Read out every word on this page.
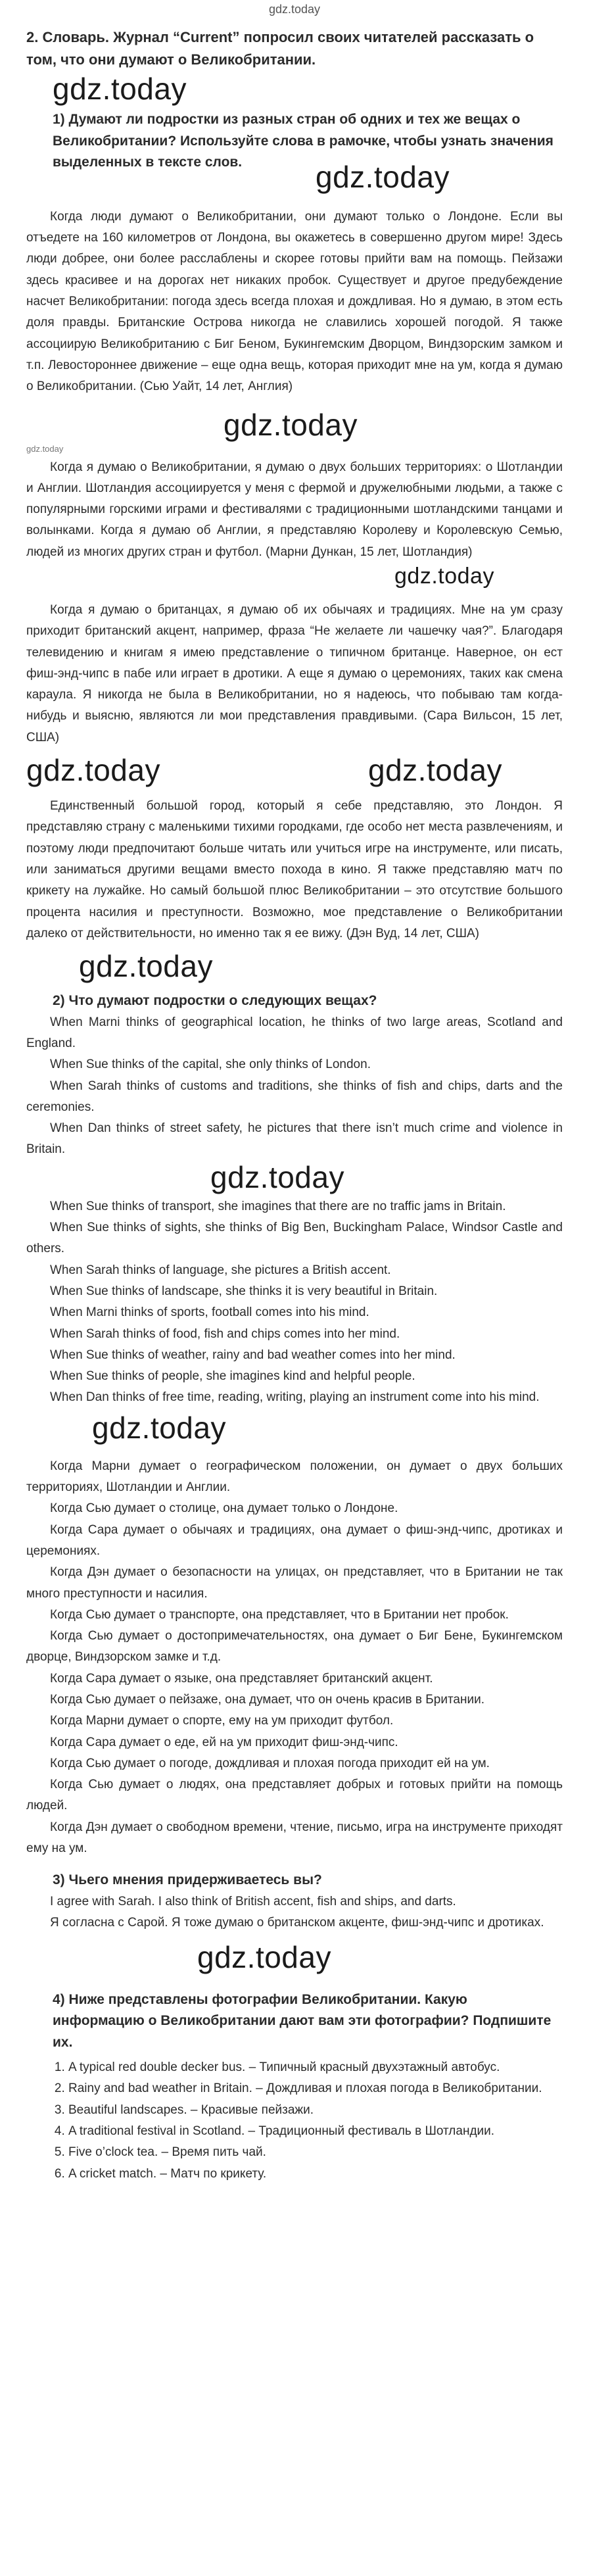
gdz.today
2. Словарь. Журнал “Current” попросил своих читателей рассказать о том, что они думают о Великобритании.
gdz.today
1) Думают ли подростки из разных стран об одних и тех же вещах о Великобритании? Используйте слова в рамочке, чтобы узнать значения выделенных в тексте слов.	gdz.today

Когда люди думают о Великобритании, они думают только о Лондоне. Если вы отъедете на 160 километров от Лондона, вы окажетесь в совершенно другом мире! Здесь люди добрее, они более расслаблены и скорее готовы прийти вам на помощь. Пейзажи здесь красивее и на дорогах нет никаких пробок. Существует и другое предубеждение насчет Великобритании: погода здесь всегда плохая и дождливая. Но я думаю, в этом есть доля правды. Британские Острова никогда не славились хорошей погодой. Я также ассоциирую Великобританию с Биг Беном, Букингемским Дворцом, Виндзорским замком и т.п. Левостороннее движение – еще одна вещь, которая приходит мне на ум, когда я думаю о Великобритании. (Сью Уайт, 14 лет, Англия)

gdz.today
gdz.today

Когда я думаю о Великобритании, я думаю о двух больших территориях: о Шотландии и Англии. Шотландия ассоциируется у меня с фермой и дружелюбными людьми, а также с популярными горскими играми и фестивалями с традиционными шотландскими танцами и волынками. Когда я думаю об Англии, я представляю Королеву и Королевскую Семью, людей из многих других стран и футбол. (Марни Дункан, 15 лет, Шотландия)

gdz.today

Когда я думаю о британцах, я думаю об их обычаях и традициях. Мне на ум сразу приходит британский акцент, например, фраза “Не желаете ли чашечку чая?”. Благодаря телевидению и книгам я имею представление о типичном британце. Наверное, он ест фиш-энд-чипс в пабе или играет в дротики. А еще я думаю о церемониях, таких как смена караула. Я никогда не была в Великобритании, но я надеюсь, что побываю там когда-нибудь и выясню, являются ли мои представления правдивыми. (Сара Вильсон, 15 лет, США)

gdz.today	gdz.today

Единственный большой город, который я себе представляю, это Лондон. Я представляю страну с маленькими тихими городками, где особо нет места развлечениям, и поэтому люди предпочитают больше читать или учиться игре на инструменте, или писать, или заниматься другими вещами вместо похода в кино. Я также представляю матч по крикету на лужайке. Но самый большой плюс Великобритании – это отсутствие большого процента насилия и преступности. Возможно, мое представление о Великобритании далеко от действительности, но именно так я ее вижу. (Дэн Вуд, 14 лет, США)

gdz.today
2) Что думают подростки о следующих вещах?

When Marni thinks of geographical location, he thinks of two large areas, Scotland and England.

When Sue thinks of the capital, she only thinks of London.

When Sarah thinks of customs and traditions, she thinks of fish and chips, darts and the ceremonies.

When Dan thinks of street safety, he pictures that there isn’t much crime and violence in Britain.

gdz.today

When Sue thinks of transport, she imagines that there are no traffic jams in Britain.

When Sue thinks of sights, she thinks of Big Ben, Buckingham Palace, Windsor Castle and others.

When Sarah thinks of language, she pictures a British accent.

When Sue thinks of landscape, she thinks it is very beautiful in Britain.

When Marni thinks of sports, football comes into his mind.

When Sarah thinks of food, fish and chips comes into her mind.

When Sue thinks of weather, rainy and bad weather comes into her mind.

When Sue thinks of people, she imagines kind and helpful people.

When Dan thinks of free time, reading, writing, playing an instrument come into his mind.

gdz.today

Когда Марни думает о географическом положении, он думает о двух больших территориях, Шотландии и Англии.

Когда Сью думает о столице, она думает только о Лондоне.

Когда Сара думает о обычаях и традициях, она думает о фиш-энд-чипс, дротиках и церемониях.

Когда Дэн думает о безопасности на улицах, он представляет, что в Британии не так много преступности и насилия.

Когда Сью думает о транспорте, она представляет, что в Британии нет пробок.

Когда Сью думает о достопримечательностях, она думает о Биг Бене, Букингемском дворце, Виндзорском замке и т.д.

Когда Сара думает о языке, она представляет британский акцент.

Когда Сью думает о пейзаже, она думает, что он очень красив в Британии.

Когда Марни думает о спорте, ему на ум приходит футбол.

Когда Сара думает о еде, ей на ум приходит фиш-энд-чипс.

Когда Сью думает о погоде, дождливая и плохая погода приходит ей на ум.

Когда Сью думает о людях, она представляет добрых и готовых прийти на помощь людей.

Когда Дэн думает о свободном времени, чтение, письмо, игра на инструменте приходят ему на ум.

3) Чьего мнения придерживаетесь вы?

I agree with Sarah. I also think of British accent, fish and ships, and darts.

Я согласна с Сарой. Я тоже думаю о британском акценте, фиш-энд-чипс и дротиках.

gdz.today
4) Ниже представлены фотографии Великобритании. Какую информацию о Великобритании дают вам эти фотографии? Подпишите их.
1. A typical red double decker bus. – Типичный красный двухэтажный автобус.
2. Rainy and bad weather in Britain. – Дождливая и плохая погода в Великобритании.
3. Beautiful landscapes. – Красивые пейзажи.
4. A traditional festival in Scotland. – Традиционный фестиваль в Шотландии.
5. Five o’clock tea. – Время пить чай.
6. A cricket match. – Матч по крикету.
